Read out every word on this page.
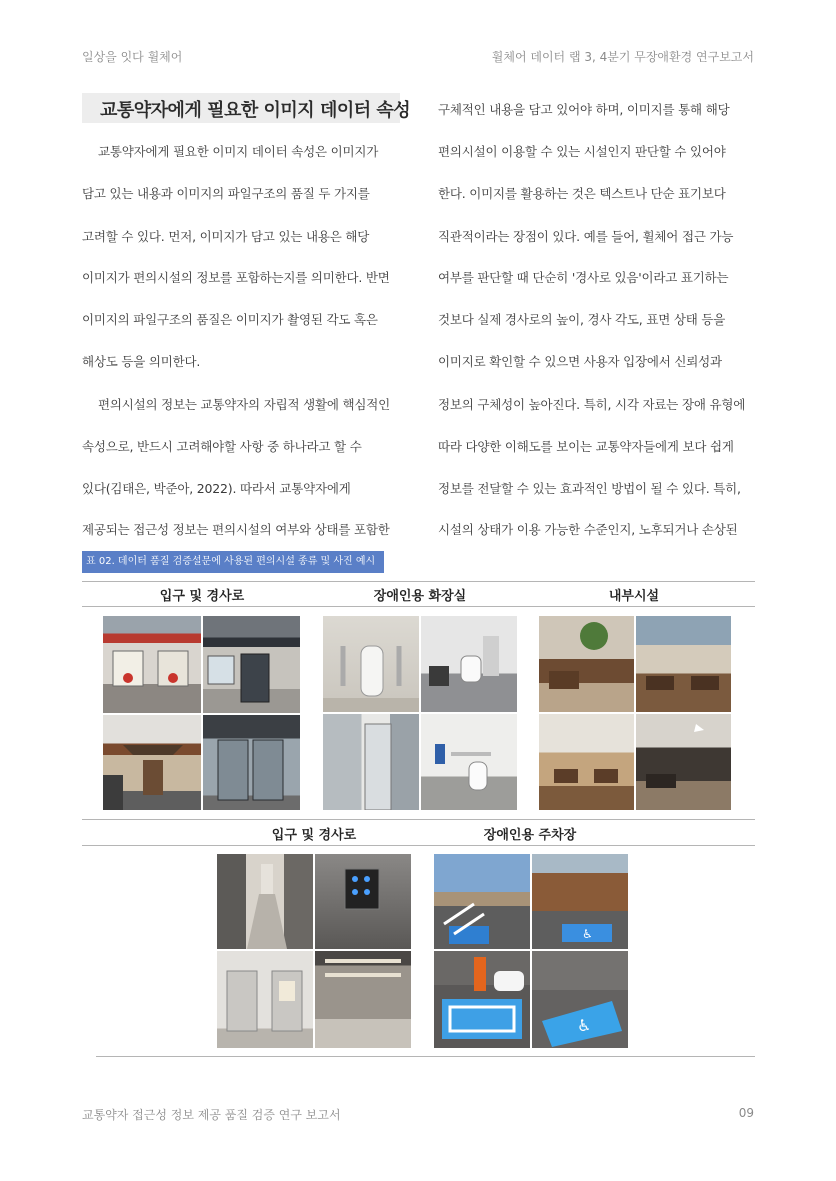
일상을 잇다 휠체어	휠체어 데이터 랩 3, 4분기 무장애환경 연구보고서
교통약자에게 필요한 이미지 데이터 속성
교통약자에게 필요한 이미지 데이터 속성은 이미지가
담고 있는 내용과 이미지의 파일구조의 품질 두 가지를
고려할 수 있다. 먼저, 이미지가 담고 있는 내용은 해당
이미지가 편의시설의 정보를 포함하는지를 의미한다. 반면
이미지의 파일구조의 품질은 이미지가 촬영된 각도 혹은
해상도 등을 의미한다.
편의시설의 정보는 교통약자의 자립적 생활에 핵심적인
속성으로, 반드시 고려해야할 사항 중 하나라고 할 수
있다(김태은, 박준아, 2022). 따라서 교통약자에게
제공되는 접근성 정보는 편의시설의 여부와 상태를 포함한
구체적인 내용을 담고 있어야 하며, 이미지를 통해 해당
편의시설이 이용할 수 있는 시설인지 판단할 수 있어야
한다. 이미지를 활용하는 것은 텍스트나 단순 표기보다
직관적이라는 장점이 있다. 예를 들어, 휠체어 접근 가능
여부를 판단할 때 단순히 '경사로 있음'이라고 표기하는
것보다 실제 경사로의 높이, 경사 각도, 표면 상태 등을
이미지로 확인할 수 있으면 사용자 입장에서 신뢰성과
정보의 구체성이 높아진다. 특히, 시각 자료는 장애 유형에
따라 다양한 이해도를 보이는 교통약자들에게 보다 쉽게
정보를 전달할 수 있는 효과적인 방법이 될 수 있다. 특히,
시설의 상태가 이용 가능한 수준인지, 노후되거나 손상된
표 02. 데이터 품질 검증설문에 사용된 편의시설 종류 및 사진 예시
입구 및 경사로	장애인용 화장실	내부시설
입구 및 경사로	장애인용 주차장
♿
♿
교통약자 접근성 정보 제공 품질 검증 연구 보고서	09
